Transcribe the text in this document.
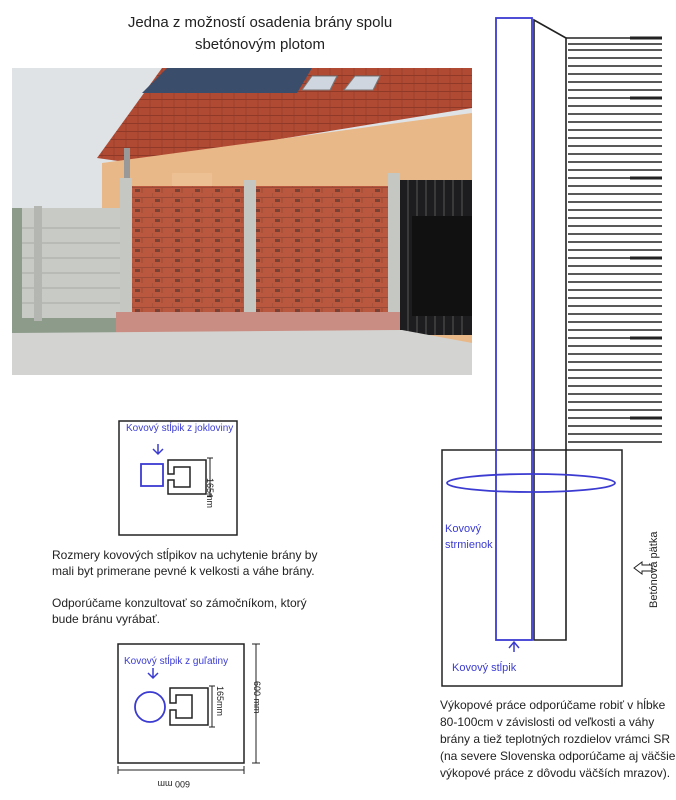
Jedna z možností osadenia brány spolu
sbetónovým plotom
Kovový stĺpik z jokloviny
165mm
Rozmery kovových stĺpikov na uchytenie brány by
mali byt primerane pevné k velkosti a váhe brány.
Odporúčame konzultovať so zámočníkom, ktorý
bude bránu vyrábať.
Kovový stĺpik z guľatiny
165mm	600 mm
600 mm
Kovový
strmienok
Kovový stĺpik
Betónová pätka
Výkopové práce odporúčame robiť v hĺbke
80-100cm v závislosti od veľkosti a váhy
brány a tiež teplotných rozdielov vrámci SR
(na severe Slovenska odporúčame aj väčšie
výkopové práce z dôvodu väčších mrazov).
